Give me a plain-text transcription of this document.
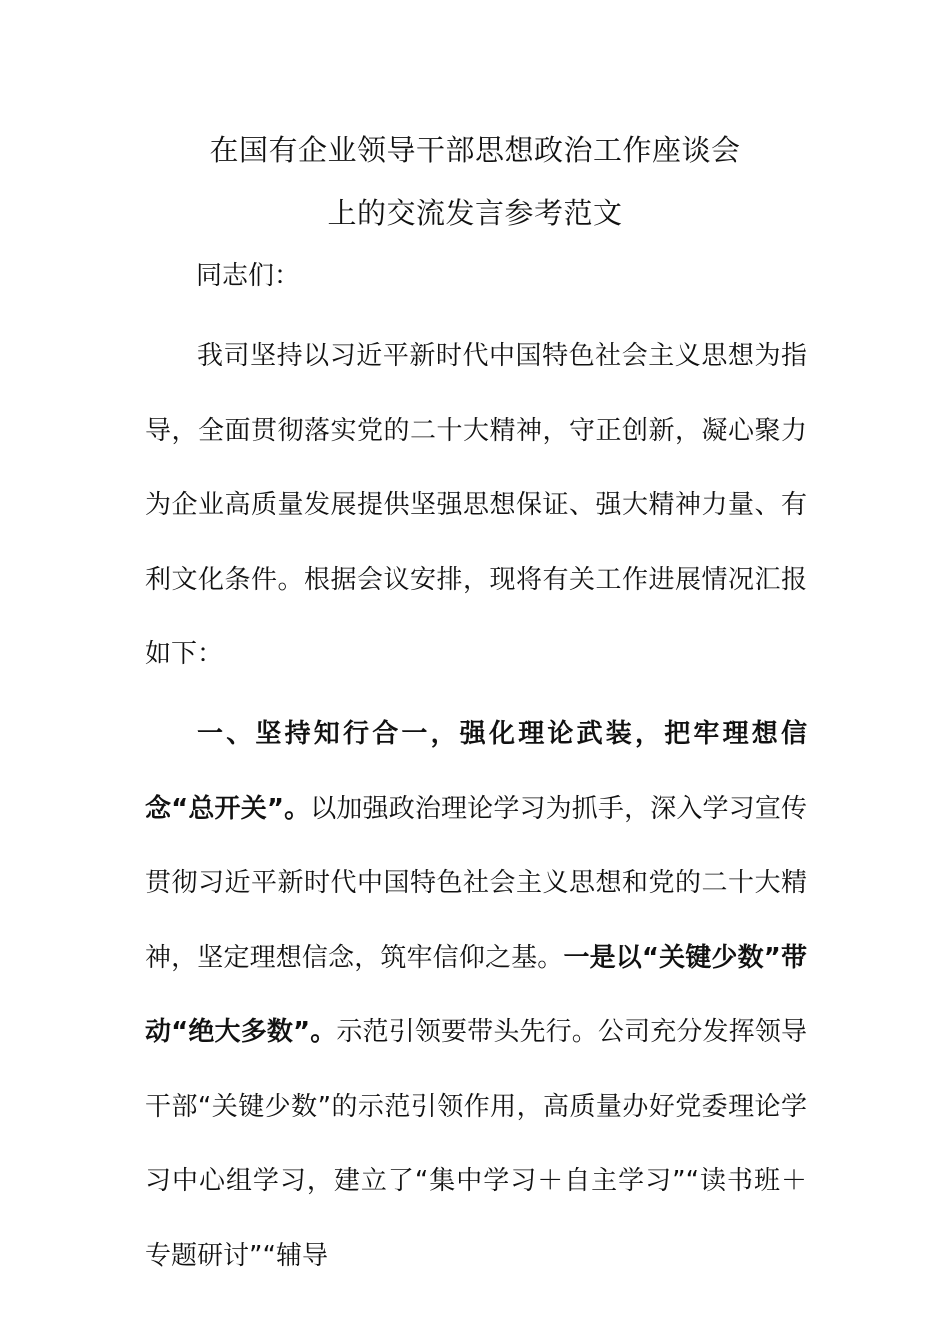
在国有企业领导干部思想政治工作座谈会
上的交流发言参考范文
同志们：
我司坚持以习近平新时代中国特色社会主义思想为指导，全面贯彻落实党的二十大精神，守正创新，凝心聚力为企业高质量发展提供坚强思想保证、强大精神力量、有利文化条件。根据会议安排，现将有关工作进展情况汇报如下：
一、坚持知行合一，强化理论武装，把牢理想信念“总开关”。以加强政治理论学习为抓手，深入学习宣传贯彻习近平新时代中国特色社会主义思想和党的二十大精神，坚定理想信念，筑牢信仰之基。一是以“关键少数”带动“绝大多数”。示范引领要带头先行。公司充分发挥领导干部“关键少数”的示范引领作用，高质量办好党委理论学习中心组学习，建立了“集中学习＋自主学习”“读书班＋专题研讨”“辅导
